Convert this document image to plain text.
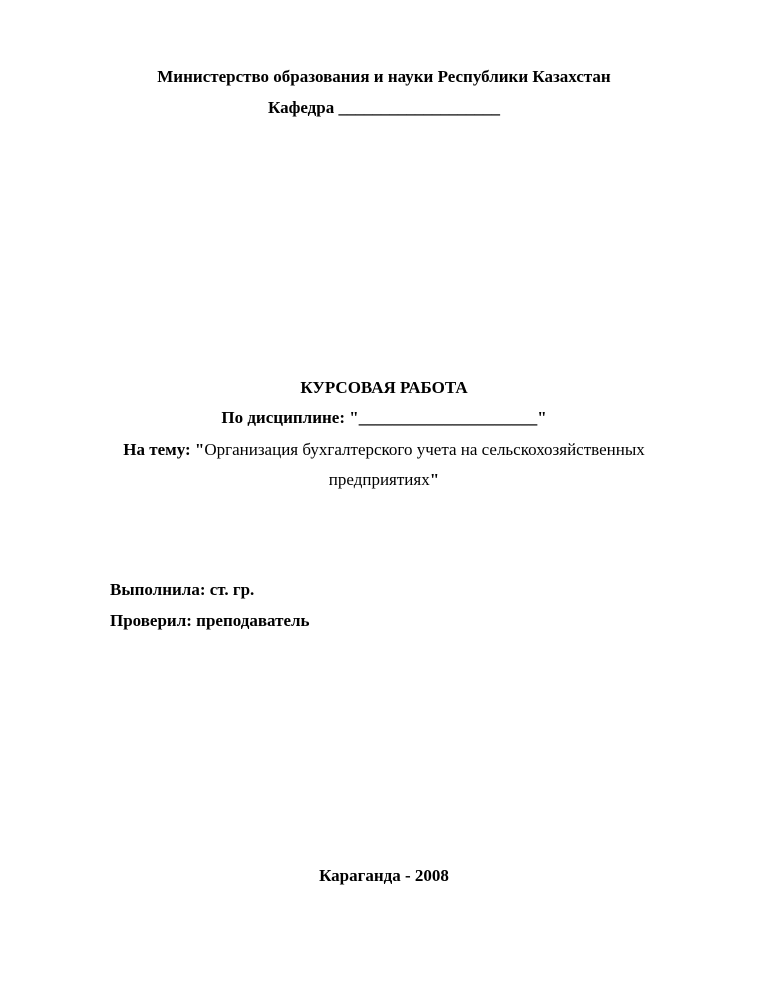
Министерство образования и науки Республики Казахстан
Кафедра ___________________
КУРСОВАЯ РАБОТА
По дисциплине: "_____________________"
На тему: "Организация бухгалтерского учета на сельскохозяйственных
предприятиях"
Выполнила: ст. гр.
Проверил: преподаватель
Караганда - 2008
